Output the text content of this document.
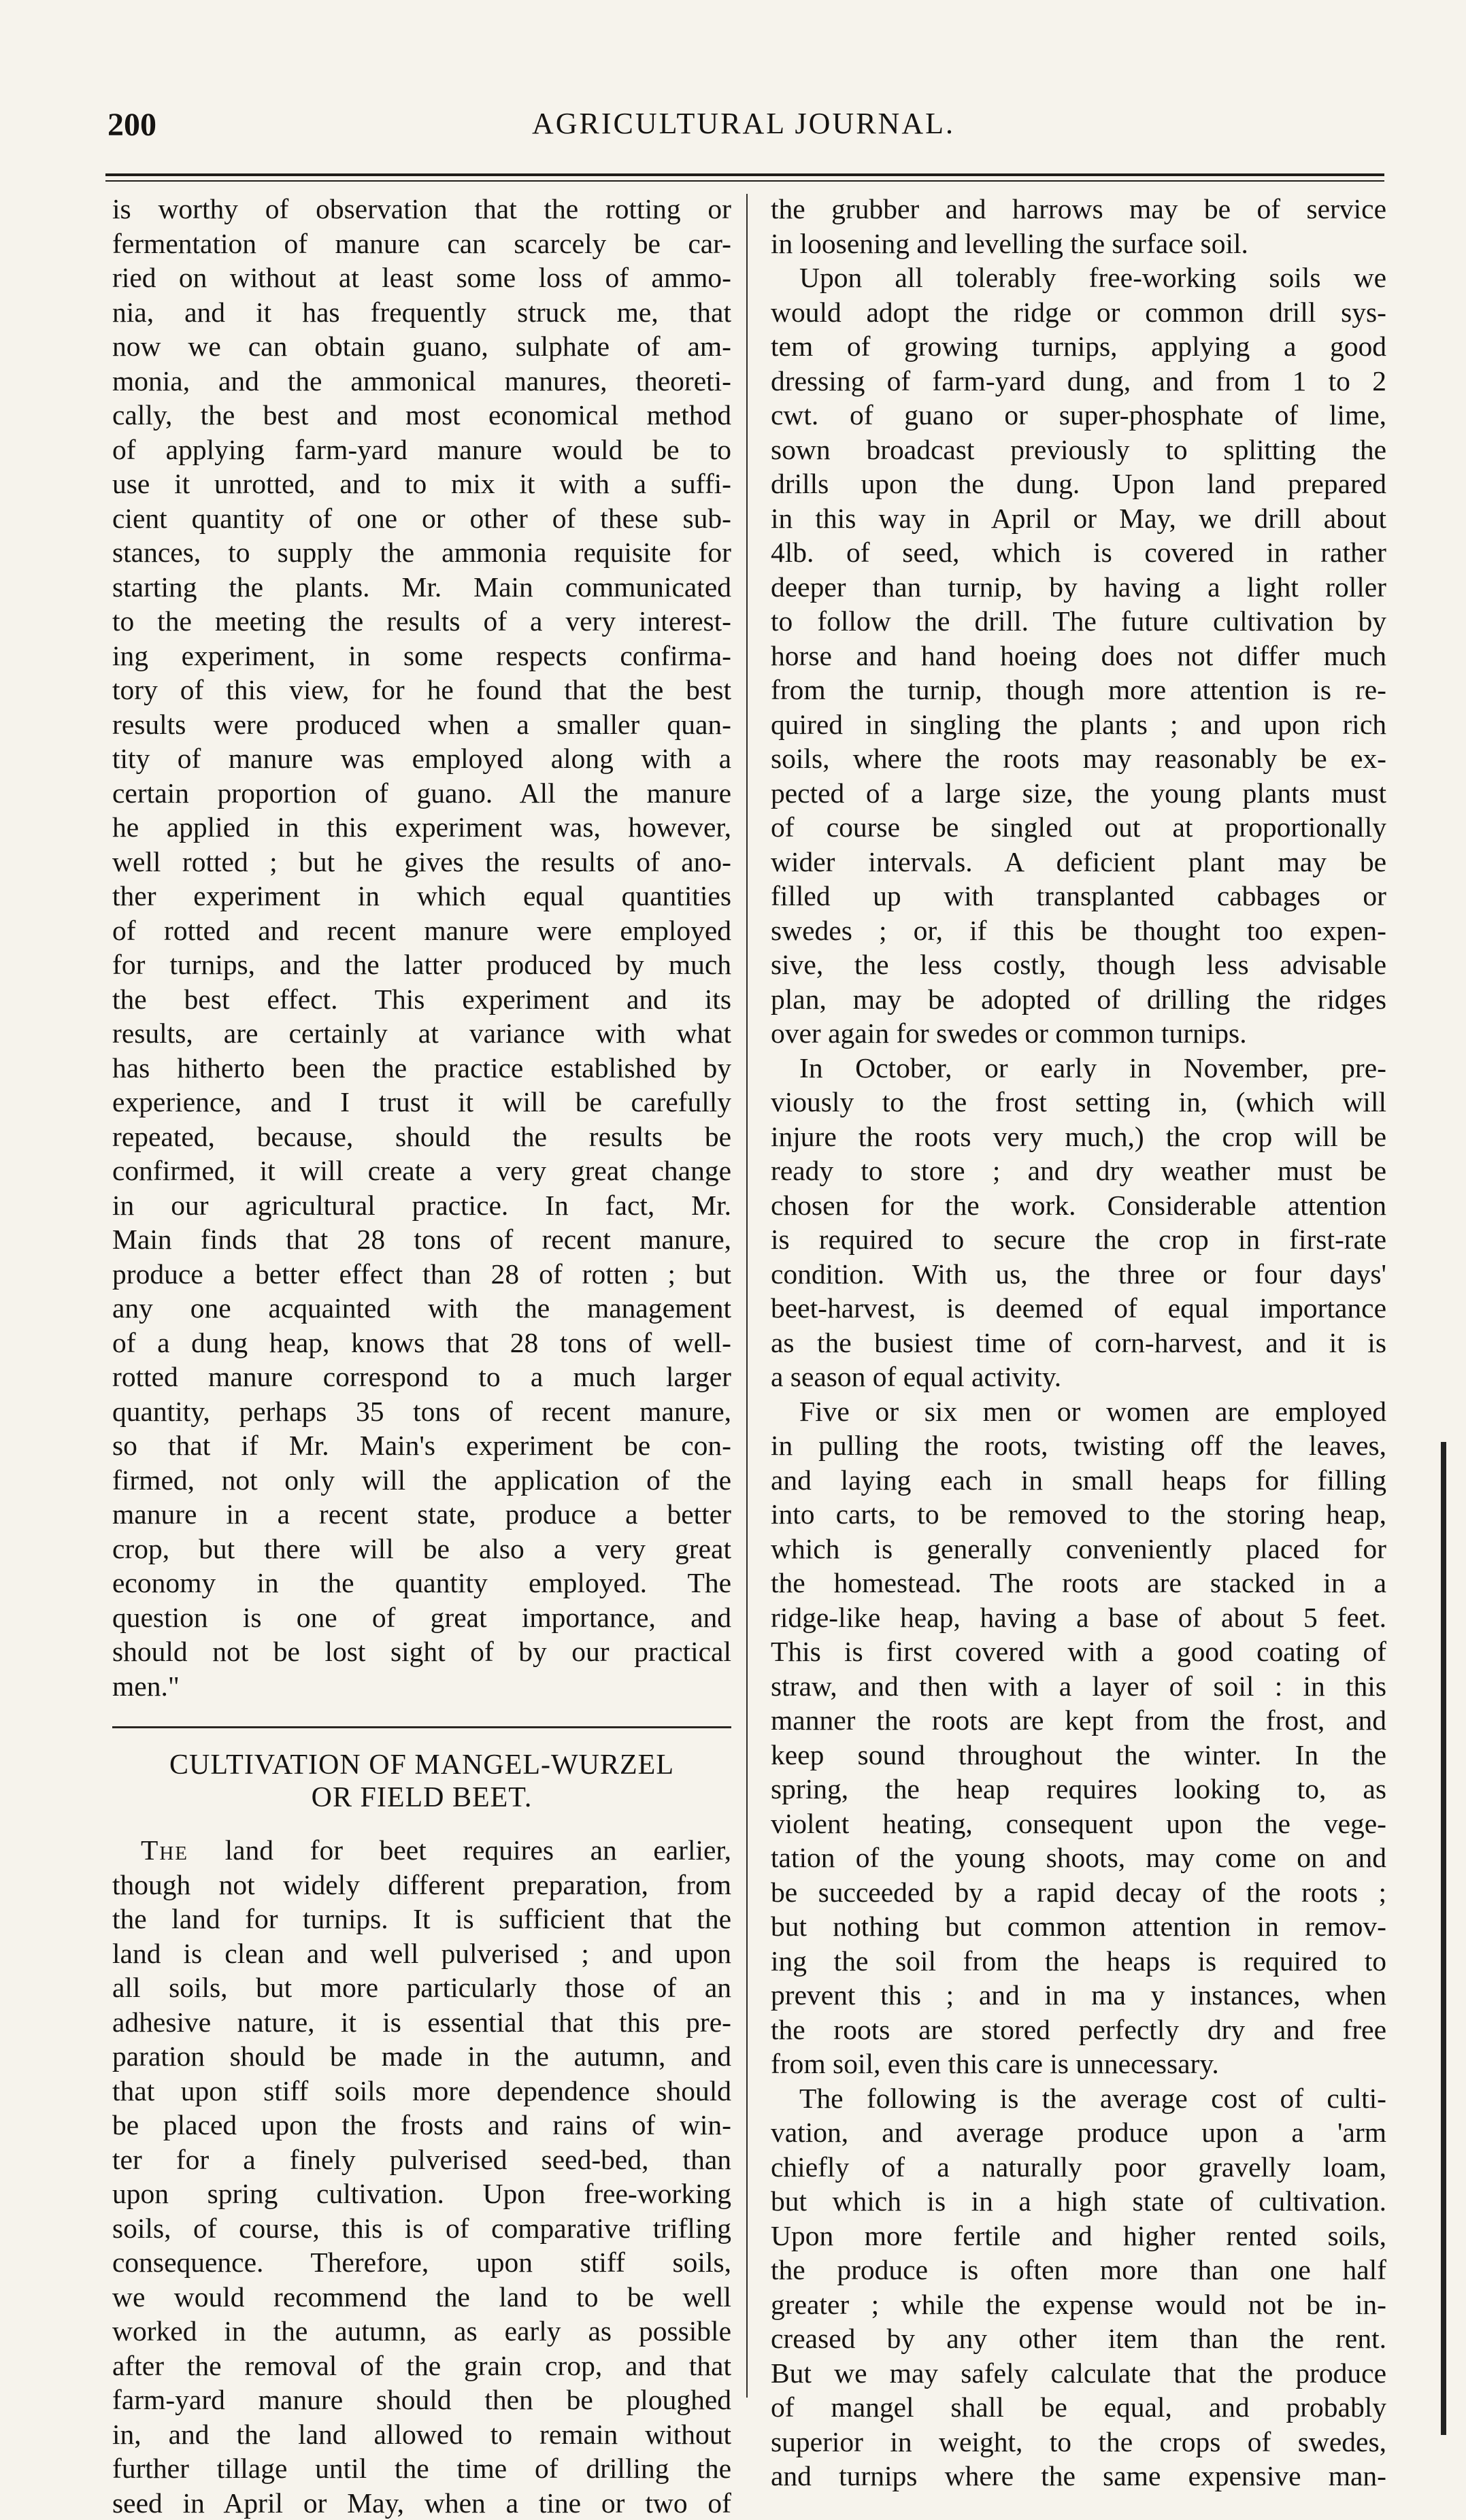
200	AGRICULTURAL JOURNAL.
is worthy of observation that the rotting or
fermentation of manure can scarcely be car-
ried on without at least some loss of ammo-
nia, and it has frequently struck me, that
now we can obtain guano, sulphate of am-
monia, and the ammonical manures, theoreti-
cally, the best and most economical method
of applying farm-yard manure would be to
use it unrotted, and to mix it with a suffi-
cient quantity of one or other of these sub-
stances, to supply the ammonia requisite for
starting the plants. Mr. Main communicated
to the meeting the results of a very interest-
ing experiment, in some respects confirma-
tory of this view, for he found that the best
results were produced when a smaller quan-
tity of manure was employed along with a
certain proportion of guano. All the manure
he applied in this experiment was, however,
well rotted ; but he gives the results of ano-
ther experiment in which equal quantities
of rotted and recent manure were employed
for turnips, and the latter produced by much
the best effect. This experiment and its
results, are certainly at variance with what
has hitherto been the practice established by
experience, and I trust it will be carefully
repeated, because, should the results be
confirmed, it will create a very great change
in our agricultural practice. In fact, Mr.
Main finds that 28 tons of recent manure,
produce a better effect than 28 of rotten ; but
any one acquainted with the management
of a dung heap, knows that 28 tons of well-
rotted manure correspond to a much larger
quantity, perhaps 35 tons of recent manure,
so that if Mr. Main's experiment be con-
firmed, not only will the application of the
manure in a recent state, produce a better
crop, but there will be also a very great
economy in the quantity employed. The
question is one of great importance, and
should not be lost sight of by our practical
men."
CULTIVATION OF MANGEL-WURZEL
OR FIELD BEET.
The land for beet requires an earlier,
though not widely different preparation, from
the land for turnips. It is sufficient that the
land is clean and well pulverised ; and upon
all soils, but more particularly those of an
adhesive nature, it is essential that this pre-
paration should be made in the autumn, and
that upon stiff soils more dependence should
be placed upon the frosts and rains of win-
ter for a finely pulverised seed-bed, than
upon spring cultivation. Upon free-working
soils, of course, this is of comparative trifling
consequence. Therefore, upon stiff soils,
we would recommend the land to be well
worked in the autumn, as early as possible
after the removal of the grain crop, and that
farm-yard manure should then be ploughed
in, and the land allowed to remain without
further tillage until the time of drilling the
seed in April or May, when a tine or two of
the grubber and harrows may be of service
in loosening and levelling the surface soil.
Upon all tolerably free-working soils we
would adopt the ridge or common drill sys-
tem of growing turnips, applying a good
dressing of farm-yard dung, and from 1 to 2
cwt. of guano or super-phosphate of lime,
sown broadcast previously to splitting the
drills upon the dung. Upon land prepared
in this way in April or May, we drill about
4lb. of seed, which is covered in rather
deeper than turnip, by having a light roller
to follow the drill. The future cultivation by
horse and hand hoeing does not differ much
from the turnip, though more attention is re-
quired in singling the plants ; and upon rich
soils, where the roots may reasonably be ex-
pected of a large size, the young plants must
of course be singled out at proportionally
wider intervals. A deficient plant may be
filled up with transplanted cabbages or
swedes ; or, if this be thought too expen-
sive, the less costly, though less advisable
plan, may be adopted of drilling the ridges
over again for swedes or common turnips.
In October, or early in November, pre-
viously to the frost setting in, (which will
injure the roots very much,) the crop will be
ready to store ; and dry weather must be
chosen for the work. Considerable attention
is required to secure the crop in first-rate
condition. With us, the three or four days'
beet-harvest, is deemed of equal importance
as the busiest time of corn-harvest, and it is
a season of equal activity.
Five or six men or women are employed
in pulling the roots, twisting off the leaves,
and laying each in small heaps for filling
into carts, to be removed to the storing heap,
which is generally conveniently placed for
the homestead. The roots are stacked in a
ridge-like heap, having a base of about 5 feet.
This is first covered with a good coating of
straw, and then with a layer of soil : in this
manner the roots are kept from the frost, and
keep sound throughout the winter. In the
spring, the heap requires looking to, as
violent heating, consequent upon the vege-
tation of the young shoots, may come on and
be succeeded by a rapid decay of the roots ;
but nothing but common attention in remov-
ing the soil from the heaps is required to
prevent this ; and in ma y instances, when
the roots are stored perfectly dry and free
from soil, even this care is unnecessary.
The following is the average cost of culti-
vation, and average produce upon a 'arm
chiefly of a naturally poor gravelly loam,
but which is in a high state of cultivation.
Upon more fertile and higher rented soils,
the produce is often more than one half
greater ; while the expense would not be in-
creased by any other item than the rent.
But we may safely calculate that the produce
of mangel shall be equal, and probably
superior in weight, to the crops of swedes,
and turnips where the same expensive man-
